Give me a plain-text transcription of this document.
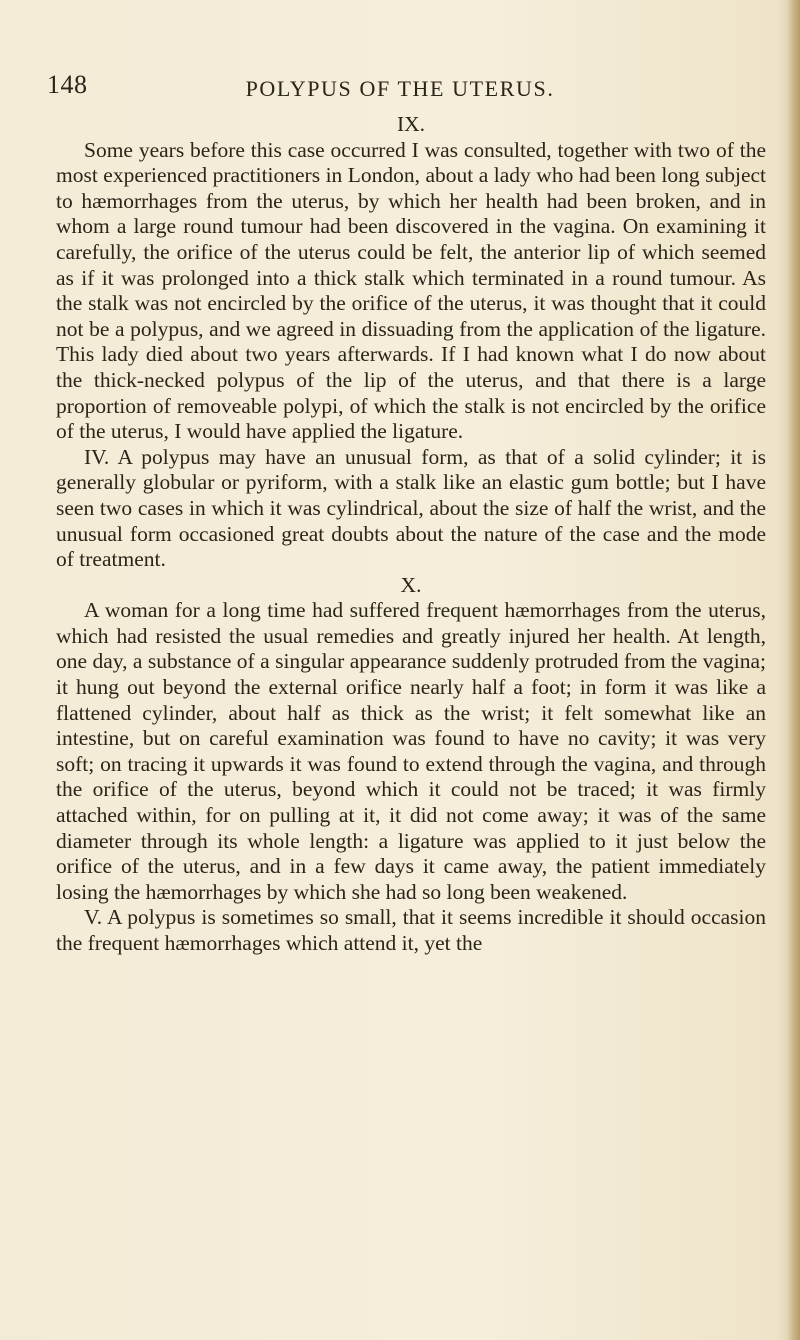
148	POLYPUS OF THE UTERUS.
IX.

Some years before this case occurred I was consulted, together with two of the most experienced practitioners in London, about a lady who had been long subject to hæmorrhages from the uterus, by which her health had been broken, and in whom a large round tumour had been discovered in the vagina. On examining it carefully, the orifice of the uterus could be felt, the anterior lip of which seemed as if it was prolonged into a thick stalk which terminated in a round tumour. As the stalk was not encircled by the orifice of the uterus, it was thought that it could not be a polypus, and we agreed in dissuading from the application of the ligature. This lady died about two years afterwards. If I had known what I do now about the thick-necked polypus of the lip of the uterus, and that there is a large proportion of removeable polypi, of which the stalk is not encircled by the orifice of the uterus, I would have applied the ligature.

IV. A polypus may have an unusual form, as that of a solid cylinder; it is generally globular or pyriform, with a stalk like an elastic gum bottle; but I have seen two cases in which it was cylindrical, about the size of half the wrist, and the unusual form occasioned great doubts about the nature of the case and the mode of treatment.

X.

A woman for a long time had suffered frequent hæmorrhages from the uterus, which had resisted the usual remedies and greatly injured her health. At length, one day, a substance of a singular appearance suddenly protruded from the vagina; it hung out beyond the external orifice nearly half a foot; in form it was like a flattened cylinder, about half as thick as the wrist; it felt somewhat like an intestine, but on careful examination was found to have no cavity; it was very soft; on tracing it upwards it was found to extend through the vagina, and through the orifice of the uterus, beyond which it could not be traced; it was firmly attached within, for on pulling at it, it did not come away; it was of the same diameter through its whole length: a ligature was applied to it just below the orifice of the uterus, and in a few days it came away, the patient immediately losing the hæmorrhages by which she had so long been weakened.

V. A polypus is sometimes so small, that it seems incredible it should occasion the frequent hæmorrhages which attend it, yet the
